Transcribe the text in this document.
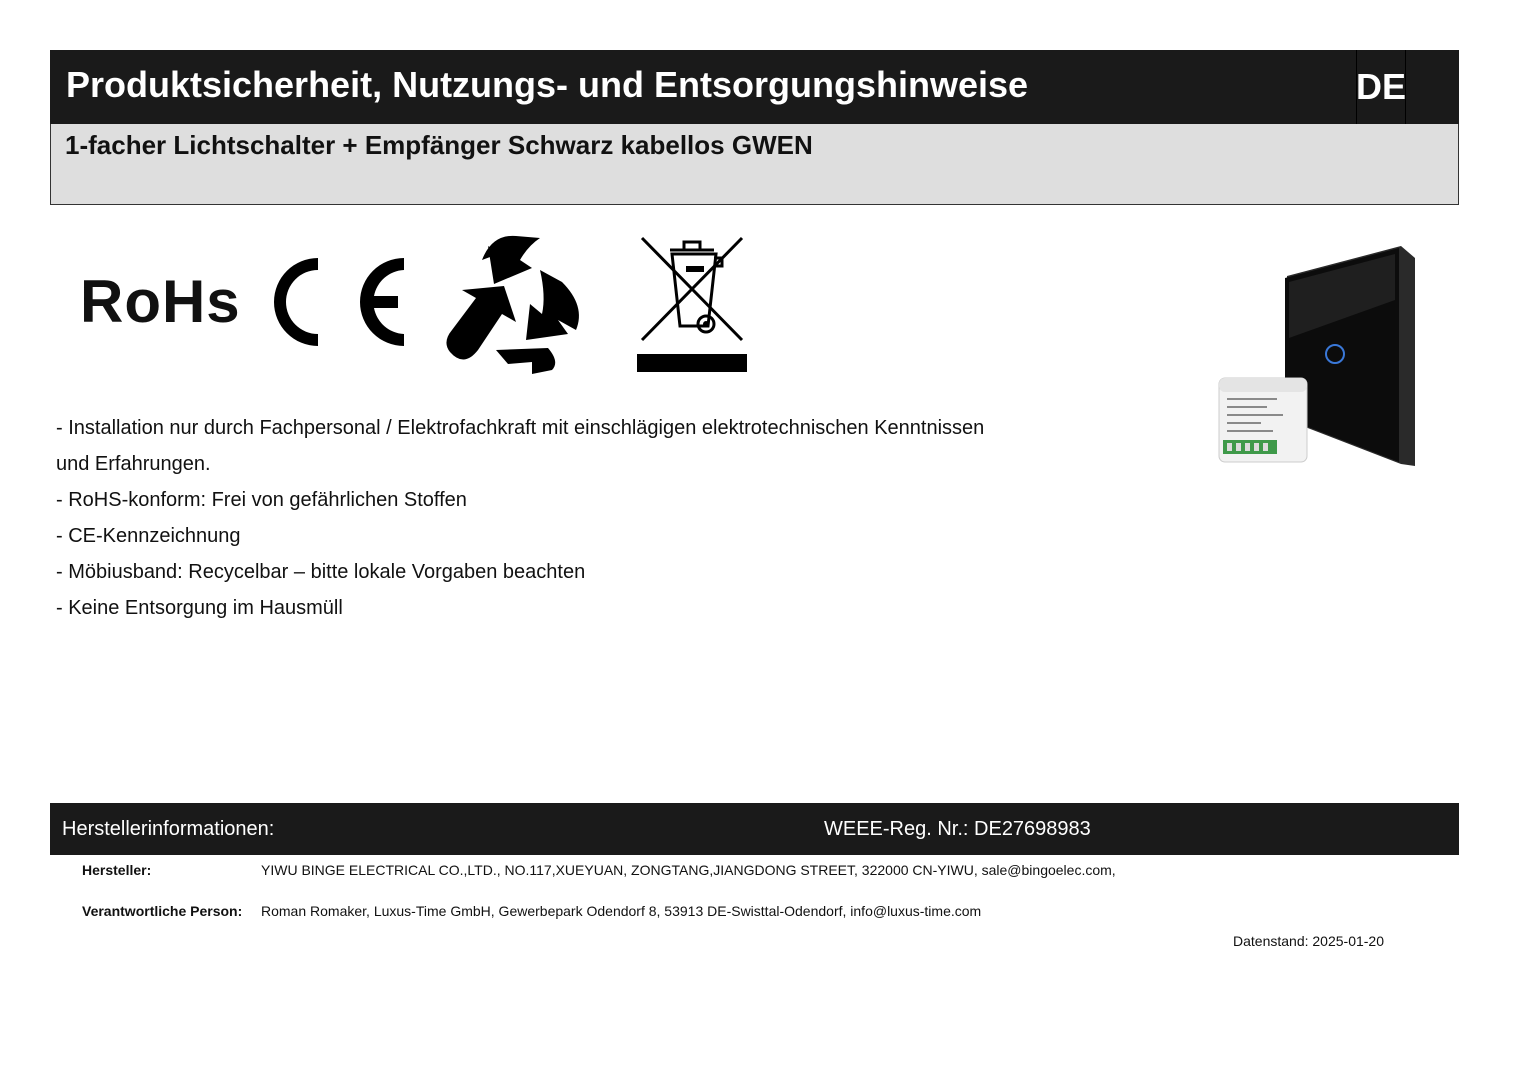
Produktsicherheit, Nutzungs- und Entsorgungshinweise	DE
1-facher Lichtschalter + Empfänger Schwarz kabellos GWEN
RoHs
- Installation nur durch Fachpersonal / Elektrofachkraft mit einschlägigen elektrotechnischen Kenntnissen
und Erfahrungen.
- RoHS-konform: Frei von gefährlichen Stoffen
- CE-Kennzeichnung
- Möbiusband: Recycelbar – bitte lokale Vorgaben beachten
- Keine Entsorgung im Hausmüll
Herstellerinformationen:	WEEE-Reg. Nr.: DE27698983
Hersteller:	YIWU BINGE ELECTRICAL CO.,LTD., NO.117,XUEYUAN, ZONGTANG,JIANGDONG STREET, 322000 CN-YIWU, sale@bingoelec.com,
Verantwortliche Person: Roman Romaker, Luxus-Time GmbH, Gewerbepark Odendorf 8, 53913 DE-Swisttal-Odendorf, info@luxus-time.com
Datenstand: 2025-01-20
